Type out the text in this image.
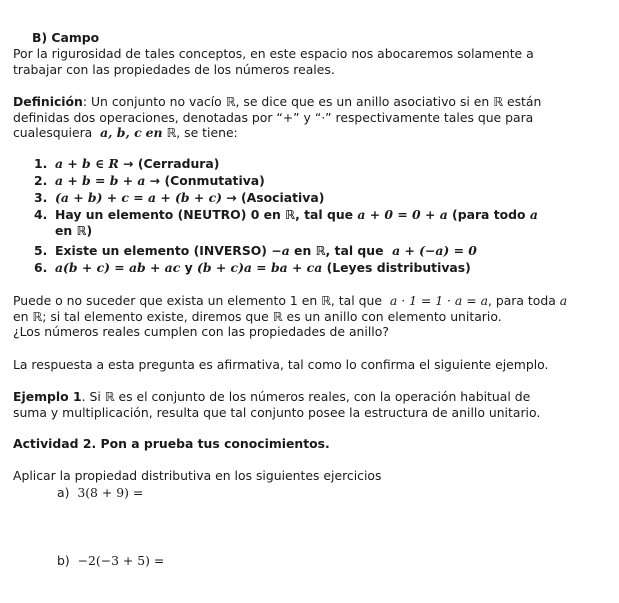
B) Campo
Por la rigurosidad de tales conceptos, en este espacio nos abocaremos solamente a
trabajar con las propiedades de los números reales.
Definición: Un conjunto no vacío ℝ, se dice que es un anillo asociativo si en ℝ están
definidas dos operaciones, denotadas por “+” y “·” respectivamente tales que para
cualesquiera a, b, c en ℝ, se tiene:
1. a + b ∈ R → (Cerradura)
2. a + b = b + a → (Conmutativa)
3. (a + b) + c = a + (b + c) → (Asociativa)
4. Hay un elemento (NEUTRO) 0 en ℝ, tal que a + 0 = 0 + a (para todo a
en ℝ)
5. Existe un elemento (INVERSO) −a en ℝ, tal que a + (−a) = 0
6. a(b + c) = ab + ac y (b + c)a = ba + ca (Leyes distributivas)
Puede o no suceder que exista un elemento 1 en ℝ, tal que a · 1 = 1 · a = a, para toda a
en ℝ; si tal elemento existe, diremos que ℝ es un anillo con elemento unitario.
¿Los números reales cumplen con las propiedades de anillo?
La respuesta a esta pregunta es afirmativa, tal como lo confirma el siguiente ejemplo.
Ejemplo 1. Si ℝ es el conjunto de los números reales, con la operación habitual de
suma y multiplicación, resulta que tal conjunto posee la estructura de anillo unitario.
Actividad 2. Pon a prueba tus conocimientos.
Aplicar la propiedad distributiva en los siguientes ejercicios
a) 3(8 + 9) =
b) −2(−3 + 5) =
